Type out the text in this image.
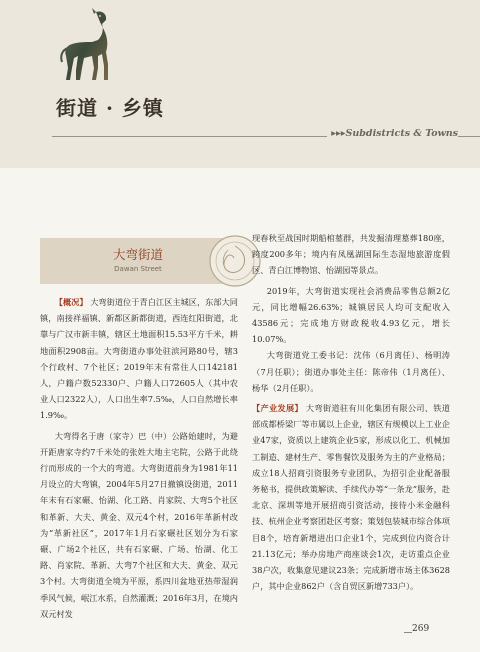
街道 · 乡镇
▸▸▸Subdistricts & Towns
大弯街道
Dawan Street

【概况】 大弯街道位于青白江区主城区，东部大同镇，南接祥福镇、新都区新都街道，西连红阳街道，北靠与广汉市新丰镇，辖区土地面积15.53平方千米，耕地面积2908亩。大弯街道办事处驻滨河路80号，辖3个行政村、7个社区；2019年末有常住人口142181人，户籍户数52330户、户籍人口72605人（其中农业人口2322人），人口出生率7.5‰，人口自然增长率1.9‰。

大弯得名于唐（家寺）巴（中）公路始建时，为避开距唐家寺约7千米处的张姓大地主宅院，公路于此绕行而形成的一个大的弯道。大弯街道前身为1981年11月设立的大弯镇，2004年5月27日撤镇设街道，2011年末有石家碾、怡湖、化工路、肖家院、大弯5个社区和革新、大夫、黄金、双元4个村，2016年革新村改为“革新社区”，2017年1月石家碾社区划分为石家碾、广场2个社区，共有石家碾、广场、怡湖、化工路、肖家院、革新、大弯7个社区和大夫、黄金、双元3个村。大弯街道全境为平原，系四川盆地亚热带湿润季风气候，岷江水系，自然灌溉；2016年3月，在境内双元村发

现春秋至战国时期船棺墓群，共发掘清理墓葬180座，跨度200多年；境内有凤凰湖国际生态湿地旅游度假区、青白江博物馆、怡湖园等景点。

2019年，大弯街道实现社会消费品零售总额2亿元，同比增幅26.63%；城镇居民人均可支配收入43586元；完成地方财政税收4.93亿元，增长10.07%。

大弯街道党工委书记：沈伟（6月离任）、杨明涛（7月任职）；街道办事处主任：陈帝伟（1月离任）、杨华（2月任职）。

【产业发展】 大弯街道驻有川化集团有限公司、铁道部成都桥梁厂等市属以上企业，辖区有规模以上工业企业47家，资质以上建筑企业5家，形成以化工、机械加工制造、建材生产、零售餐饮及服务为主的产业格局；成立18人招商引资服务专业团队，为招引企业配备服务秘书，提供政策解读、手续代办等“一条龙”服务，赴北京、深圳等地开展招商引资活动，接待小米金融科技、杭州企业考察团赴区考察；策划包装城市综合体项目8个，培育新增进出口企业1个，完成到位内资合计21.13亿元；举办房地产商座谈会1次，走访重点企业38户次，收集意见建议23条；完成新增市场主体3628户，其中企业862户（含自贸区新增733户）。

269
